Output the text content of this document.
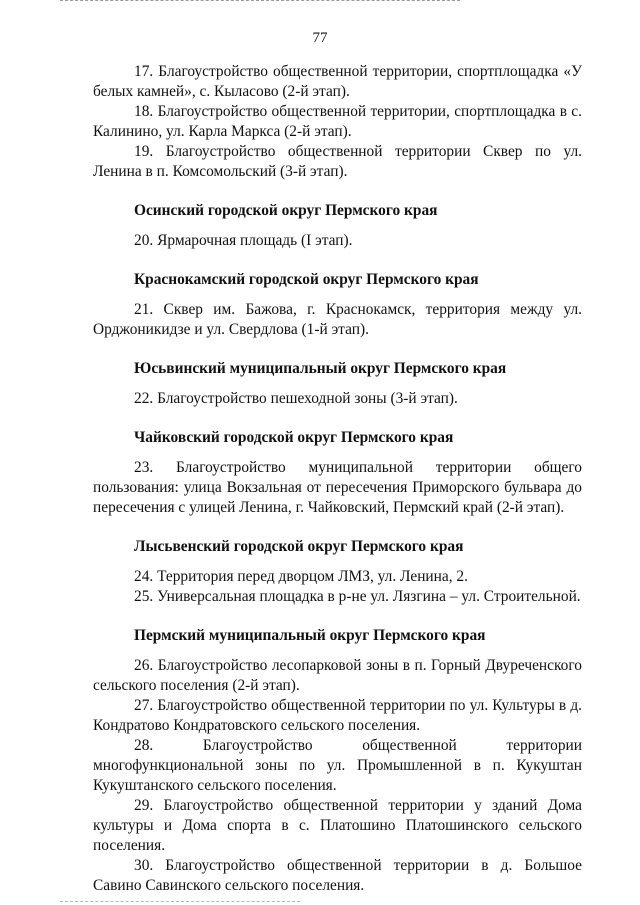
77

17. Благоустройство общественной территории, спортплощадка «У белых камней», с. Кыласово (2-й этап).

18. Благоустройство общественной территории, спортплощадка в с. Калинино, ул. Карла Маркса (2-й этап).

19. Благоустройство общественной территории Сквер по ул. Ленина в п. Комсомольский (3-й этап).

Осинский городской округ Пермского края

20. Ярмарочная площадь (I этап).

Краснокамский городской округ Пермского края

21. Сквер им. Бажова, г. Краснокамск, территория между ул. Орджоникидзе и ул. Свердлова (1-й этап).

Юсьвинский муниципальный округ Пермского края

22. Благоустройство пешеходной зоны (3-й этап).

Чайковский городской округ Пермского края

23. Благоустройство муниципальной территории общего пользования: улица Вокзальная от пересечения Приморского бульвара до пересечения с улицей Ленина, г. Чайковский, Пермский край (2-й этап).

Лысьвенский городской округ Пермского края

24. Территория перед дворцом ЛМЗ, ул. Ленина, 2.

25. Универсальная площадка в р-не ул. Лязгина – ул. Строительной.

Пермский муниципальный округ Пермского края

26. Благоустройство лесопарковой зоны в п. Горный Двуреченского сельского поселения (2-й этап).

27. Благоустройство общественной территории по ул. Культуры в д. Кондратово Кондратовского сельского поселения.

28. Благоустройство общественной территории многофункциональной зоны по ул. Промышленной в п. Кукуштан Кукуштанского сельского поселения.

29. Благоустройство общественной территории у зданий Дома культуры и Дома спорта в с. Платошино Платошинского сельского поселения.

30. Благоустройство общественной территории в д. Большое Савино Савинского сельского поселения.
